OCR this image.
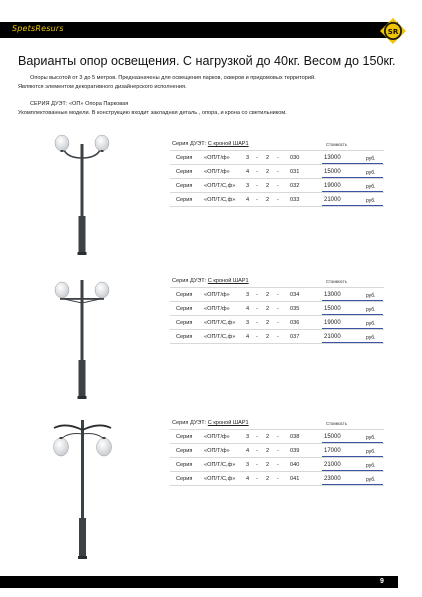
SpetsResurs	SR
Варианты опор освещения. С нагрузкой до 40кг. Весом до 150кг.

Опоры высотой от 3 до 5 метров. Предназначены для освещения парков, скверов и придомовых территорий.

Являются элементом декоративного дизайнерского исполнения.

СЕРИЯ ДУЭТ: «ОП» Опора Парковая

Укомплектованные модели. В конструкцию входит закладная деталь , опора, и крона со светильником.

Серия ДУЭТ: С кроной ШАР1	Стоимость
Серия «ОП/Т/ф»	3 - 2 - 030	13000	руб.
Серия «ОП/Т/ф»	4 - 2 - 031	15000	руб.
Серия «ОП/Т/С,ф» 3 - 2 - 032	19000	руб.
Серия «ОП/Т/С,ф» 4 - 2 - 033	21000	руб.
Серия ДУЭТ: С кроной ШАР1	Стоимость
Серия «ОП/Т/ф»	3 - 2 - 034	13000	руб.
Серия «ОП/Т/ф»	4 - 2 - 035	15000	руб.
Серия «ОП/Т/С,ф» 3 - 2 - 036	19000	руб.
Серия «ОП/Т/С,ф» 4 - 2 - 037	21000	руб.
Серия ДУЭТ: С кроной ШАР1	Стоимость
Серия «ОП/Т/ф»	3 - 2 - 038	15000	руб.
Серия «ОП/Т/ф»	4 - 2 - 039	17000	руб.
Серия «ОП/Т/С,ф» 3 - 2 - 040	21000	руб.
Серия «ОП/Т/С,ф» 4 - 2 - 041	23000	руб.
9
